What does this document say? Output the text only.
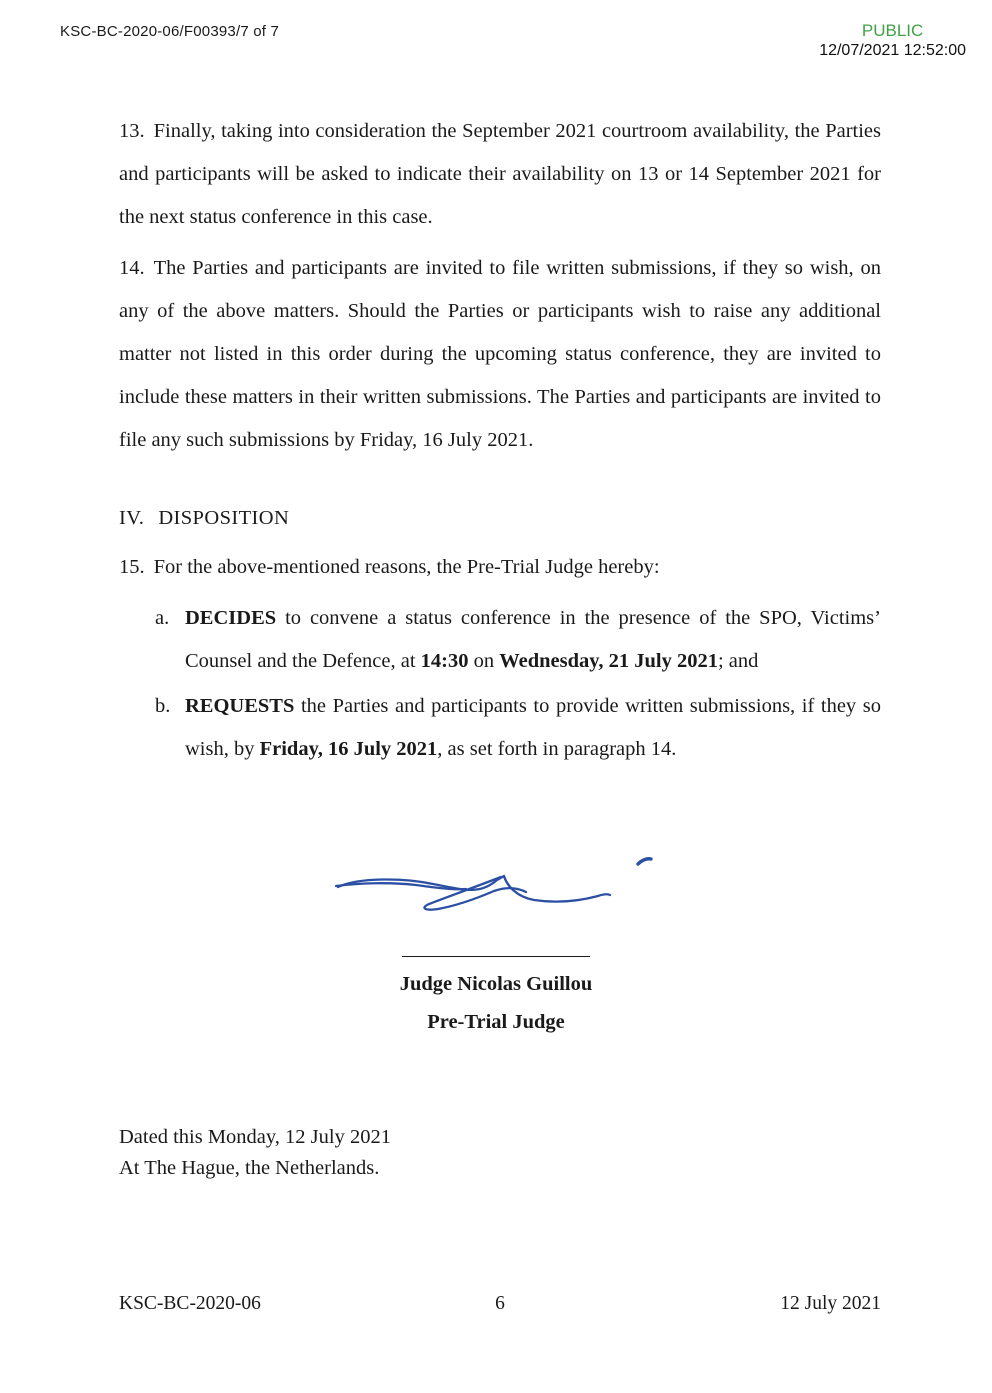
KSC-BC-2020-06/F00393/7 of 7	PUBLIC
12/07/2021 12:52:00

13. Finally, taking into consideration the September 2021 courtroom availability, the Parties and participants will be asked to indicate their availability on 13 or 14 September 2021 for the next status conference in this case.

14. The Parties and participants are invited to file written submissions, if they so wish, on any of the above matters. Should the Parties or participants wish to raise any additional matter not listed in this order during the upcoming status conference, they are invited to include these matters in their written submissions. The Parties and participants are invited to file any such submissions by Friday, 16 July 2021.

IV. DISPOSITION

15. For the above-mentioned reasons, the Pre-Trial Judge hereby:

a. DECIDES to convene a status conference in the presence of the SPO, Victims’ Counsel and the Defence, at 14:30 on Wednesday, 21 July 2021; and
b. REQUESTS the Parties and participants to provide written submissions, if they so wish, by Friday, 16 July 2021, as set forth in paragraph 14.
Judge Nicolas Guillou
Pre-Trial Judge
Dated this Monday, 12 July 2021
At The Hague, the Netherlands.
KSC-BC-2020-06	6	12 July 2021
